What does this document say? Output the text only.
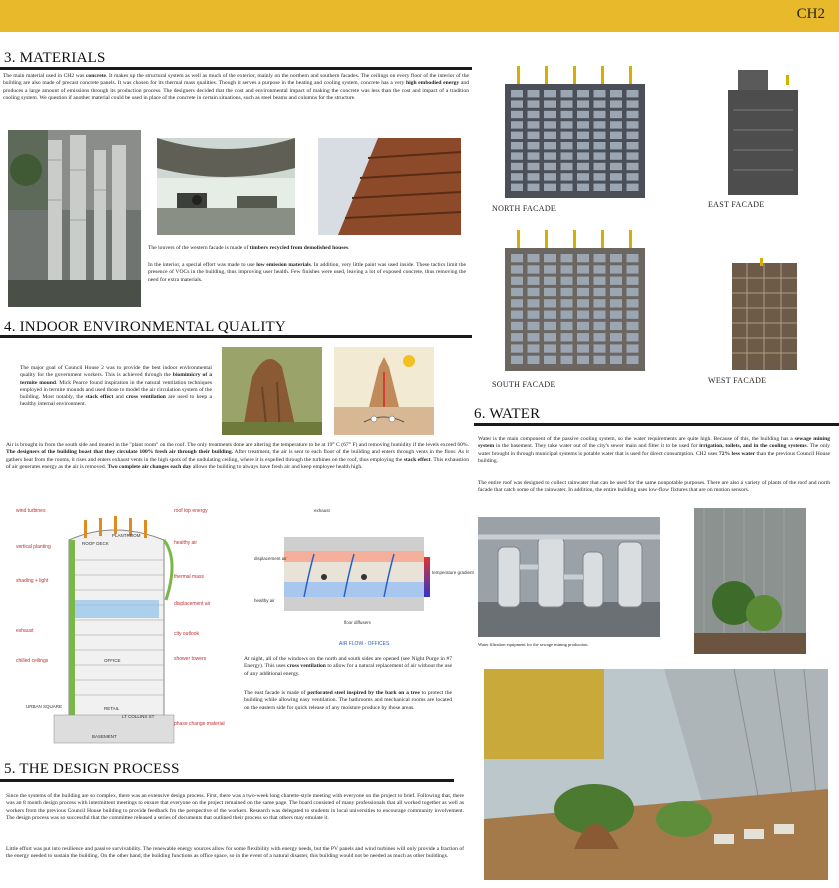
CH2
3. MATERIALS
The main material used in CH2 was concrete. It makes up the structural system as well as much of the exterior, mainly on the northern and southern facades. The ceilings on every floor of the interior of the building are also made of precast concrete panels. It was chosen for its thermal mass qualities. Though it serves a purpose in the heating and cooling system, concrete has a very high embodied energy and produces a large amount of emissions through its production process. The designers decided that the cost and environmental impact of making the concrete was less than the cost and impact of a tradition cooling system. We question if another material could be used in place of the concrete in certain situations, such as steel beams and columns for the structure.
The louvers of the western facade is made of timbers recycled from demolished houses.
In the interior, a special effort was made to use low emission materials. In addition, very little paint was used inside. These tactics limit the presence of VOCs in the building, thus improving user health. Few finishes were used, leaving a lot of exposed concrete, thus removing the need for extra materials.
NORTH FACADE	EAST FACADE
SOUTH FACADE	WEST FACADE
4. INDOOR ENVIRONMENTAL QUALITY
The major goal of Council House 2 was to provide the best indoor environmental quality for the government workers. This is achieved through the biomimicry of a termite mound. Mick Pearce found inspiration in the natural ventilation techniques employed in termite mounds and used those to model the air circulation system of the building. Most notably, the stack effect and cross ventilation are used to keep a healthy internal environment.
Air is brought in from the south side and treated in the "plant room" on the roof. The only treatments done are altering the temperature to be at 19° C (67° F) and removing humidity if the levels exceed 60%. The designers of the building boast that they circulate 100% fresh air through their building. After treatment, the air is sent to each floor of the building and enters through vents in the floor. As it gathers heat from the rooms, it rises and enters exhaust vents in the high spots of the undulating ceiling, where it is expelled through the turbines on the roof, thus employing the stack effect. This exhaustion of air generates energy as the air is removed. Two complete air changes each day allows the building to always have fresh air and keep employee health high.
wind turbines
vertical planting
shading + light
exhaust
chilled ceilings
roof top energy
healthy air
thermal mass
displacement air
city outlook
shower towers
phase change material
LT COLLINS ST
PLANTROOM
ROOF DECK
OFFICE
RETAIL
BASEMENT
URBAN SQUARE
exhaust
displacement air
healthy air
floor diffusers
temperature gradient
AIR FLOW - OFFICES
At night, all of the windows on the north and south sides are opened (see Night Purge in #7 Energy). This uses cross ventilation to allow for a natural replacement of air without the use of any additional energy.
The east facade is made of perforated steel inspired by the bark on a tree to protect the building while allowing easy ventilation. The bathrooms and mechanical rooms are located on the eastern side for quick release of any moisture produce by those areas.
5. THE DESIGN PROCESS
Since the systems of the building are so complex, there was an extensive design process. First, there was a two-week long charette-style meeting with everyone on the project to brief. Following that, there was an 8 month design process with intermittent meetings to ensure that everyone on the project remained on the same page. The board consisted of many professionals that all worked together as well as workers from the previous Council House building to provide feedback fro the perspective of the workers. Research was delegated to students in local universities to encourage community involvement. The design process was so successful that the committee released a series of documents that outlined their process so that others may emulate it.
Little effort was put into resilience and passive survivability. The renewable energy sources allow for some flexibility with energy needs, but the PV panels and wind turbines will only provide a fraction of the energy needed to sustain the building. On the other hand, the building functions as office space, so in the event of a natural disaster, this building would not be needed as much as other buildings.
6. WATER
Water is the main component of the passive cooling system, so the water requirements are quite high. Because of this, the building has a sewage mining system in the basement. They take water out of the city's sewer main and filter it to be used for irrigation, toilets, and in the cooling systems. The only water brought in through municipal systems is potable water that is used for direct consumption. CH2 uses 72% less water than the previous Council House building.
The entire roof was designed to collect rainwater that can be used for the same nonpotable purposes. There are also a variety of plants of the roof and north facade that catch some of the rainwater. In addition, the entire building uses low-flow fixtures that are on motion sensors.
Water filtration equipment for the sewage mining production.
